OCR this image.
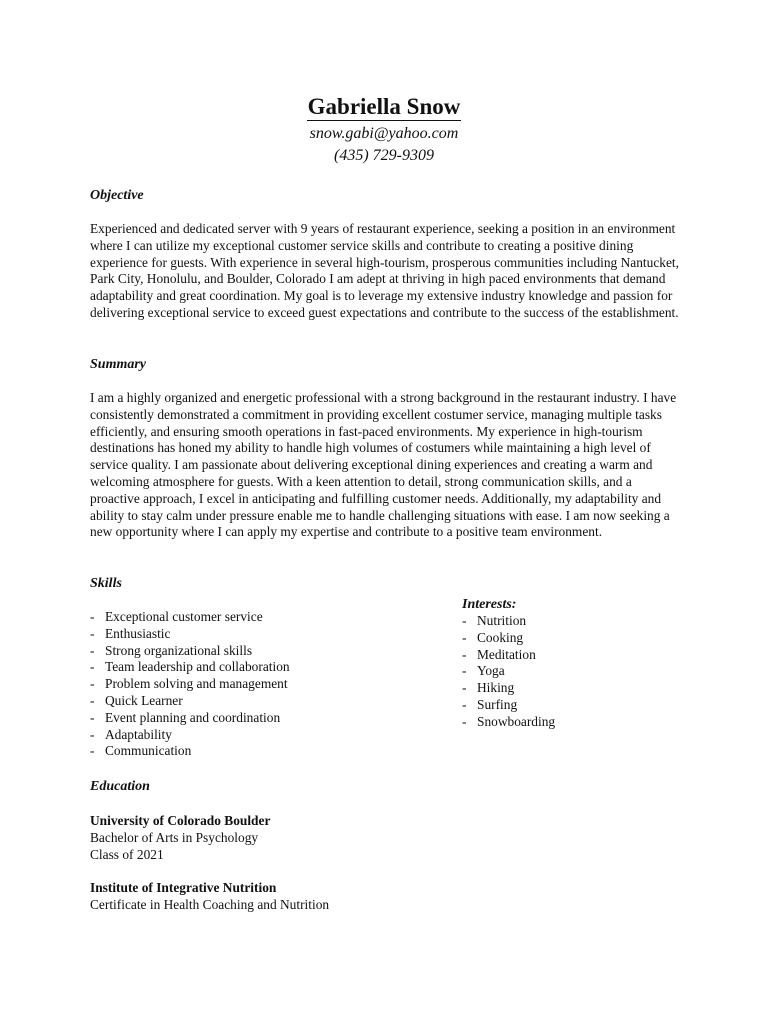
Gabriella Snow
snow.gabi@yahoo.com
(435) 729-9309
Objective
Experienced and dedicated server with 9 years of restaurant experience, seeking a position in an environment where I can utilize my exceptional customer service skills and contribute to creating a positive dining experience for guests. With experience in several high-tourism, prosperous communities including Nantucket, Park City, Honolulu, and Boulder, Colorado I am adept at thriving in high paced environments that demand adaptability and great coordination. My goal is to leverage my extensive industry knowledge and passion for delivering exceptional service to exceed guest expectations and contribute to the success of the establishment.
Summary
I am a highly organized and energetic professional with a strong background in the restaurant industry. I have consistently demonstrated a commitment in providing excellent costumer service, managing multiple tasks efficiently, and ensuring smooth operations in fast-paced environments. My experience in high-tourism destinations has honed my ability to handle high volumes of costumers while maintaining a high level of service quality. I am passionate about delivering exceptional dining experiences and creating a warm and welcoming atmosphere for guests. With a keen attention to detail, strong communication skills, and a proactive approach, I excel in anticipating and fulfilling customer needs. Additionally, my adaptability and ability to stay calm under pressure enable me to handle challenging situations with ease. I am now seeking a new opportunity where I can apply my expertise and contribute to a positive team environment.
Skills
- Exceptional customer service
- Enthusiastic
- Strong organizational skills
- Team leadership and collaboration
- Problem solving and management
- Quick Learner
- Event planning and coordination
- Adaptability
- Communication
Interests:
- Nutrition
- Cooking
- Meditation
- Yoga
- Hiking
- Surfing
- Snowboarding
Education
University of Colorado Boulder
Bachelor of Arts in Psychology
Class of 2021
Institute of Integrative Nutrition
Certificate in Health Coaching and Nutrition
